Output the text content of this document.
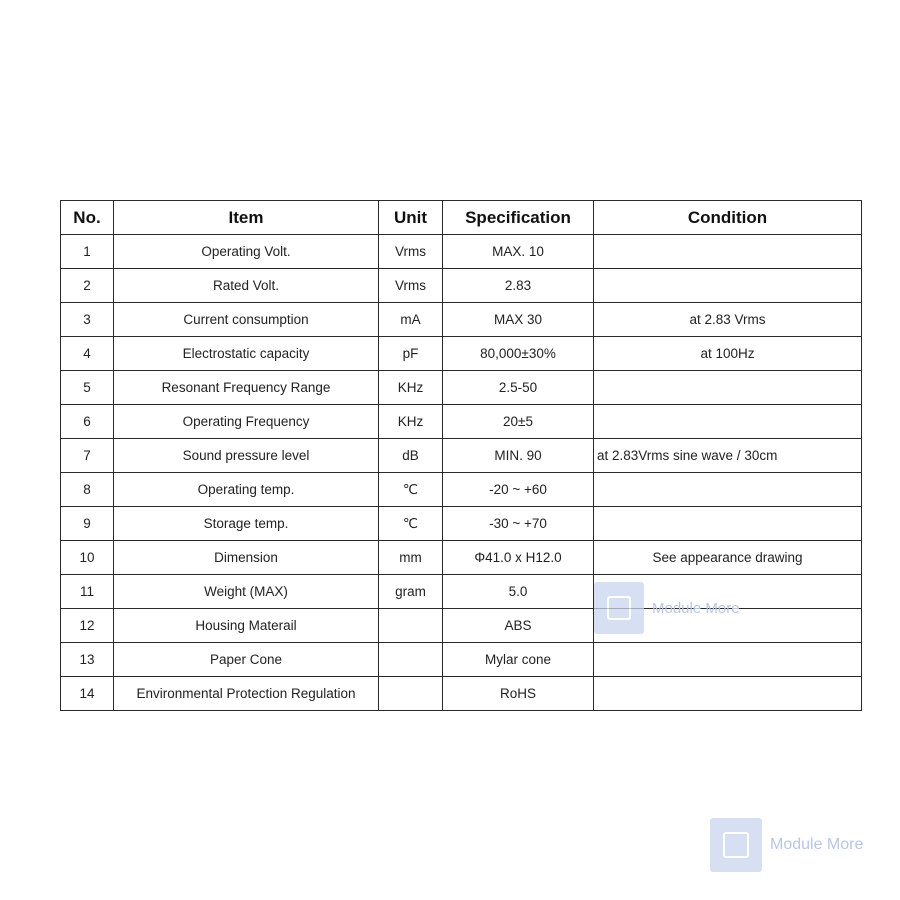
No.	Item	Unit	Specification	Condition
1	Operating Volt.	Vrms	MAX. 10	
2	Rated Volt.	Vrms	2.83	
3	Current consumption	mA	MAX 30	at 2.83 Vrms
4	Electrostatic capacity	pF	80,000±30%	at 100Hz
5	Resonant Frequency Range	KHz	2.5-50	
6	Operating Frequency	KHz	20±5	
7	Sound pressure level	dB	MIN. 90	at 2.83Vrms sine wave / 30cm
8	Operating temp.	℃	-20 ~ +60	
9	Storage temp.	℃	-30 ~ +70	
10	Dimension	mm	Φ41.0 x H12.0	See appearance drawing
11	Weight (MAX)	gram	5.0	
12	Housing Materail		ABS	
13	Paper Cone		Mylar cone	
14	Environmental Protection Regulation		RoHS	
Module More
Module More
